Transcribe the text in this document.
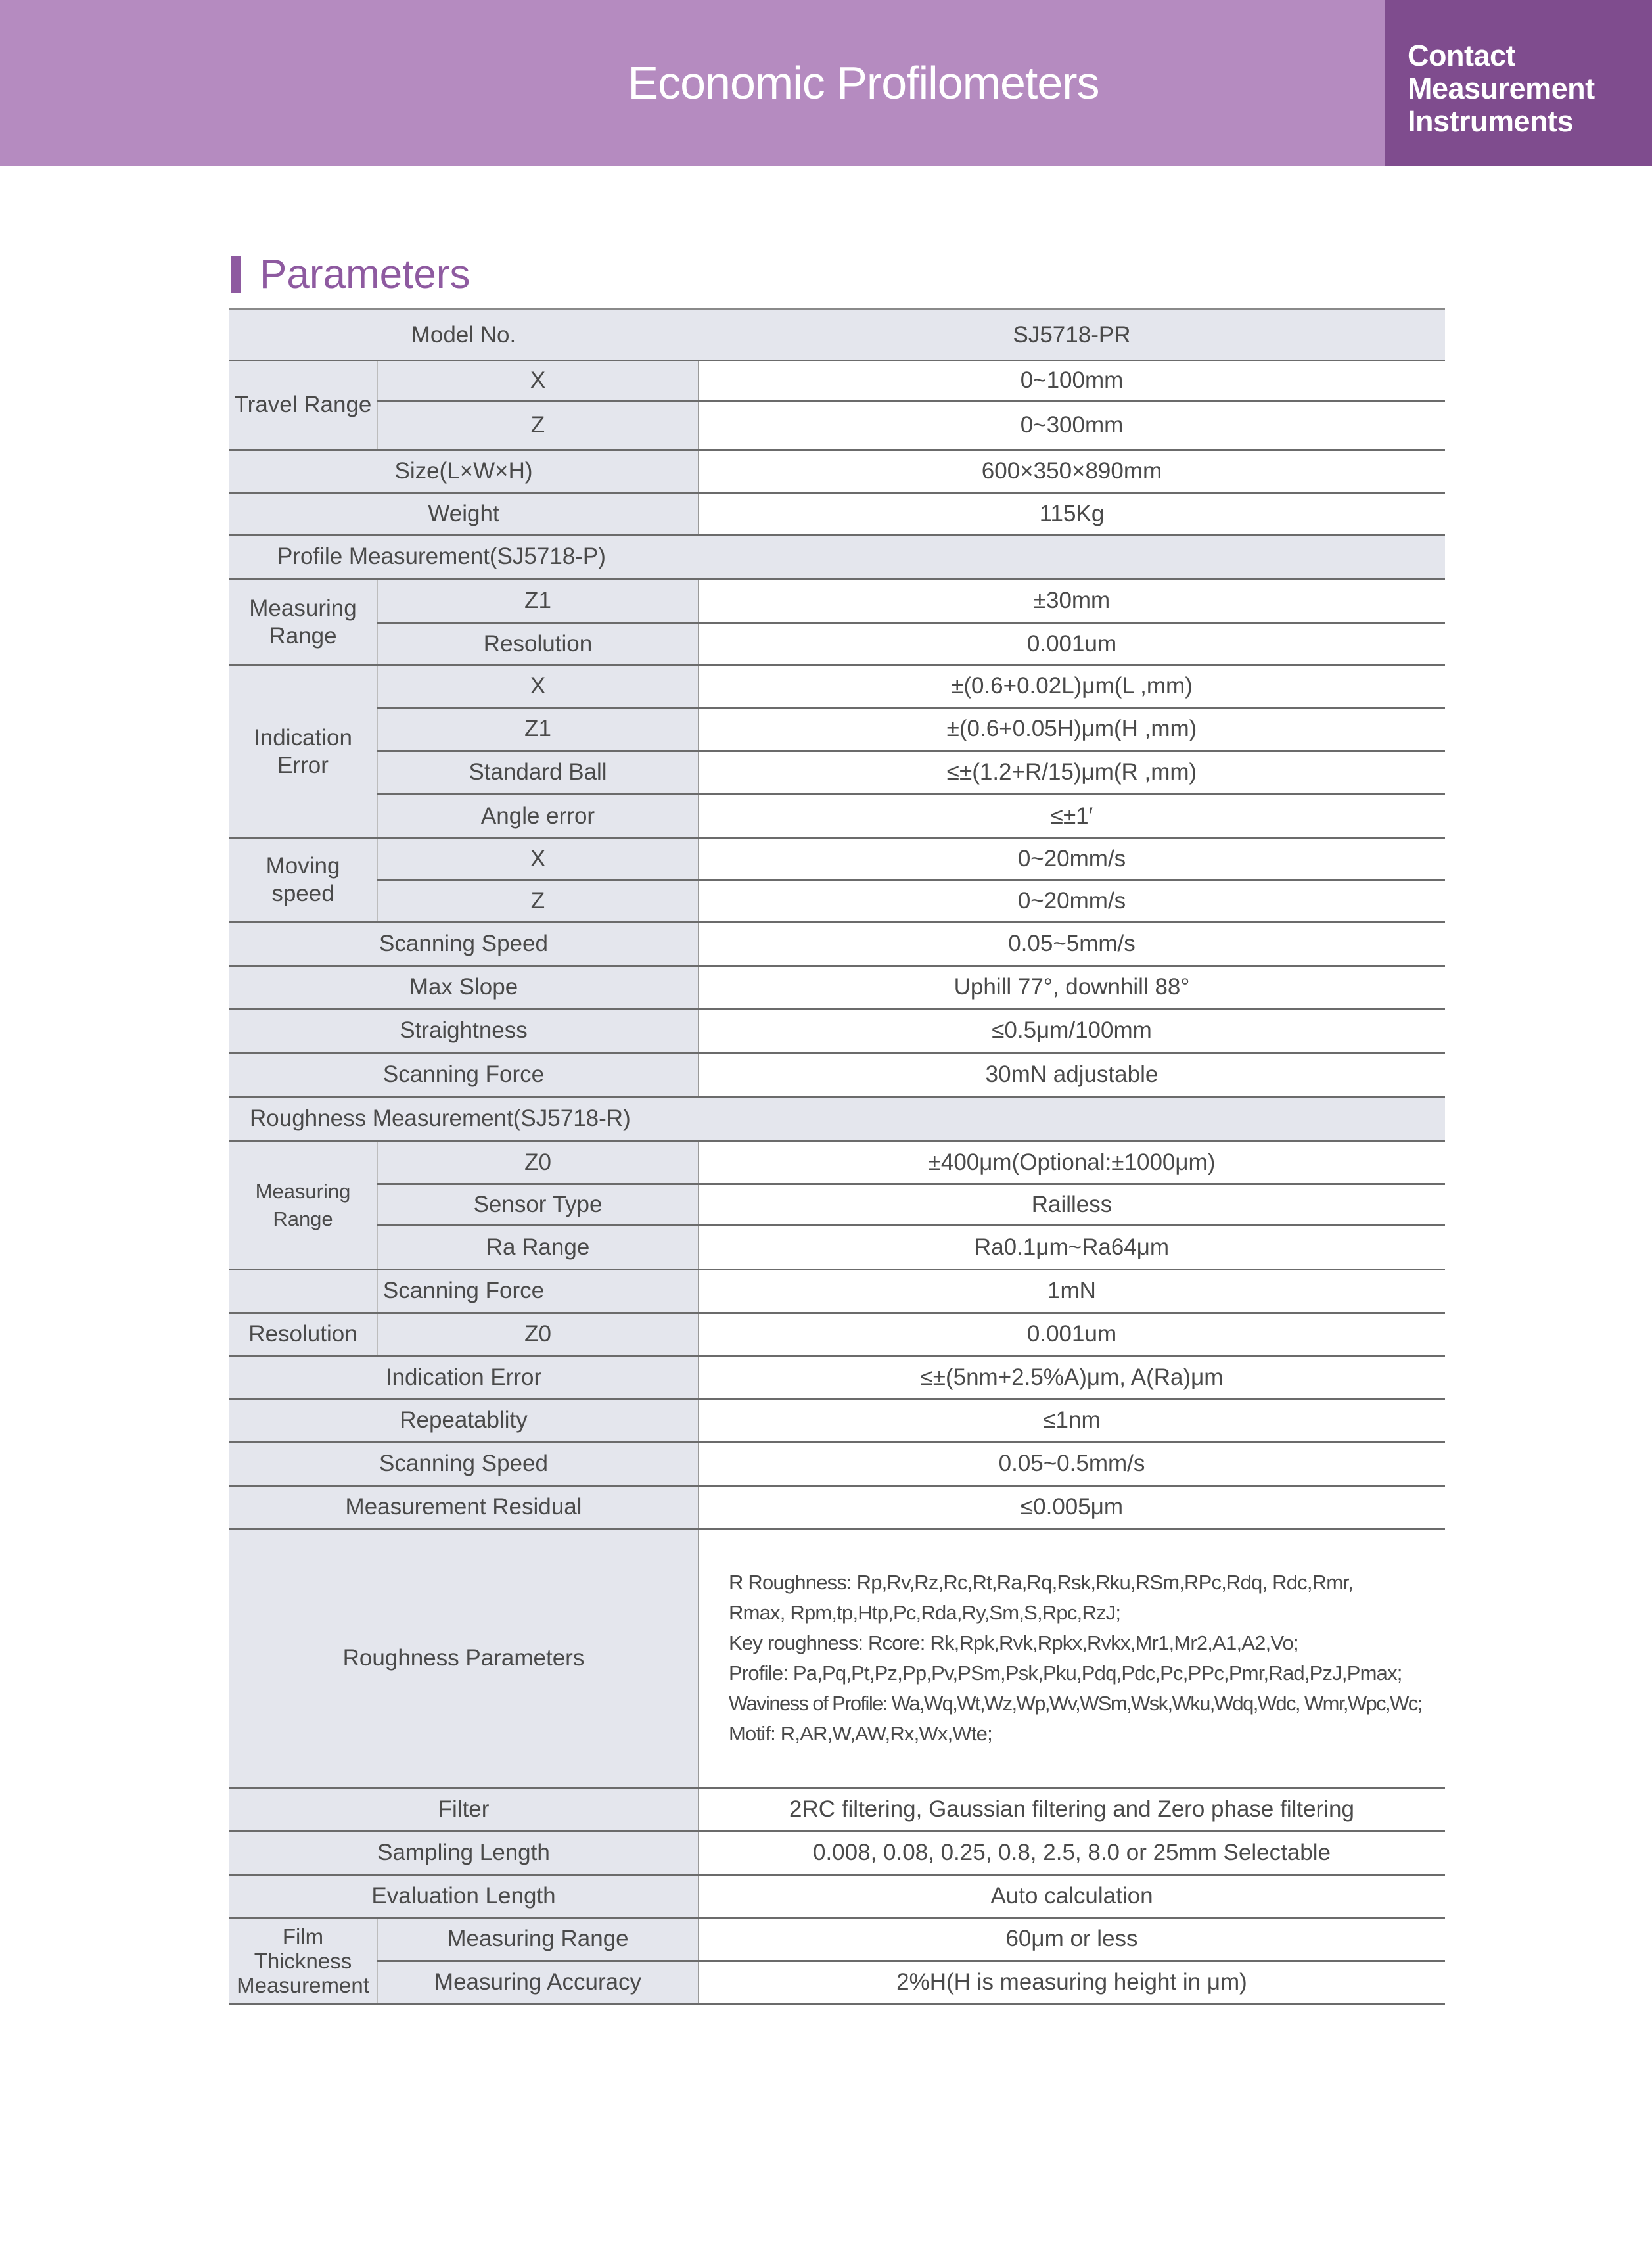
Economic Profilometers
Contact
Measurement
Instruments
Parameters
Model No.	SJ5718-PR
Travel Range
X	0~100mm
Z	0~300mm
Size(L×W×H)	600×350×890mm
Weight	115Kg
Profile Measurement(SJ5718-P)
Measuring Range
Z1	±30mm
Resolution	0.001um
Indication Error
X	±(0.6+0.02L)μm(L ,mm)
Z1	±(0.6+0.05H)μm(H ,mm)
Standard Ball	≤±(1.2+R/15)μm(R ,mm)
Angle error	≤±1′
Moving speed
X	0~20mm/s
Z	0~20mm/s
Scanning Speed	0.05~5mm/s
Max Slope	Uphill 77°, downhill 88°
Straightness	≤0.5μm/100mm
Scanning Force	30mN adjustable
Roughness Measurement(SJ5718-R)
Measuring Range
Z0	±400μm(Optional:±1000μm)
Sensor Type	Railless
Ra Range	Ra0.1μm~Ra64μm
Scanning Force	1mN
Resolution	Z0	0.001um
Indication Error	≤±(5nm+2.5%A)μm, A(Ra)μm
Repeatablity	≤1nm
Scanning Speed	0.05~0.5mm/s
Measurement Residual	≤0.005μm
Roughness Parameters
R Roughness: Rp,Rv,Rz,Rc,Rt,Ra,Rq,Rsk,Rku,RSm,RPc,Rdq, Rdc,Rmr,
Rmax, Rpm,tp,Htp,Pc,Rda,Ry,Sm,S,Rpc,RzJ;
Key roughness: Rcore: Rk,Rpk,Rvk,Rpkx,Rvkx,Mr1,Mr2,A1,A2,Vo;
Profile: Pa,Pq,Pt,Pz,Pp,Pv,PSm,Psk,Pku,Pdq,Pdc,Pc,PPc,Pmr,Rad,PzJ,Pmax;
Waviness of Profile: Wa,Wq,Wt,Wz,Wp,Wv,WSm,Wsk,Wku,Wdq,Wdc, Wmr,Wpc,Wc;
Motif: R,AR,W,AW,Rx,Wx,Wte;
Filter	2RC filtering, Gaussian filtering and Zero phase filtering
Sampling Length	0.008, 0.08, 0.25, 0.8, 2.5, 8.0 or 25mm Selectable
Evaluation Length	Auto calculation
Film Thickness Measurement
Measuring Range	60μm or less
Measuring Accuracy	2%H(H is measuring height in μm)
